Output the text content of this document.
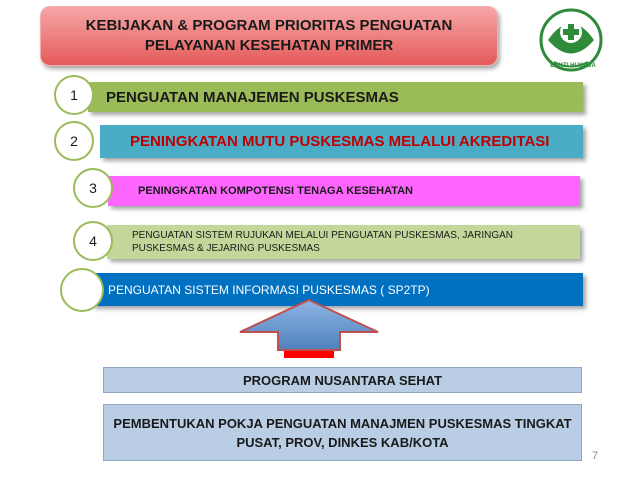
KEBIJAKAN & PROGRAM PRIORITAS PENGUATAN
PELAYANAN KESEHATAN PRIMER
BAKTI HUSADA
PENGUATAN MANAJEMEN PUSKESMAS
1
PENINGKATAN MUTU PUSKESMAS MELALUI AKREDITASI
2
PENINGKATAN KOMPOTENSI TENAGA KESEHATAN
3
PENGUATAN SISTEM RUJUKAN MELALUI PENGUATAN PUSKESMAS, JARINGAN
PUSKESMAS & JEJARING PUSKESMAS
4
PENGUATAN SISTEM INFORMASI PUSKESMAS ( SP2TP)
PROGRAM NUSANTARA SEHAT
PEMBENTUKAN POKJA PENGUATAN MANAJMEN PUSKESMAS TINGKAT
PUSAT, PROV, DINKES KAB/KOTA
7
